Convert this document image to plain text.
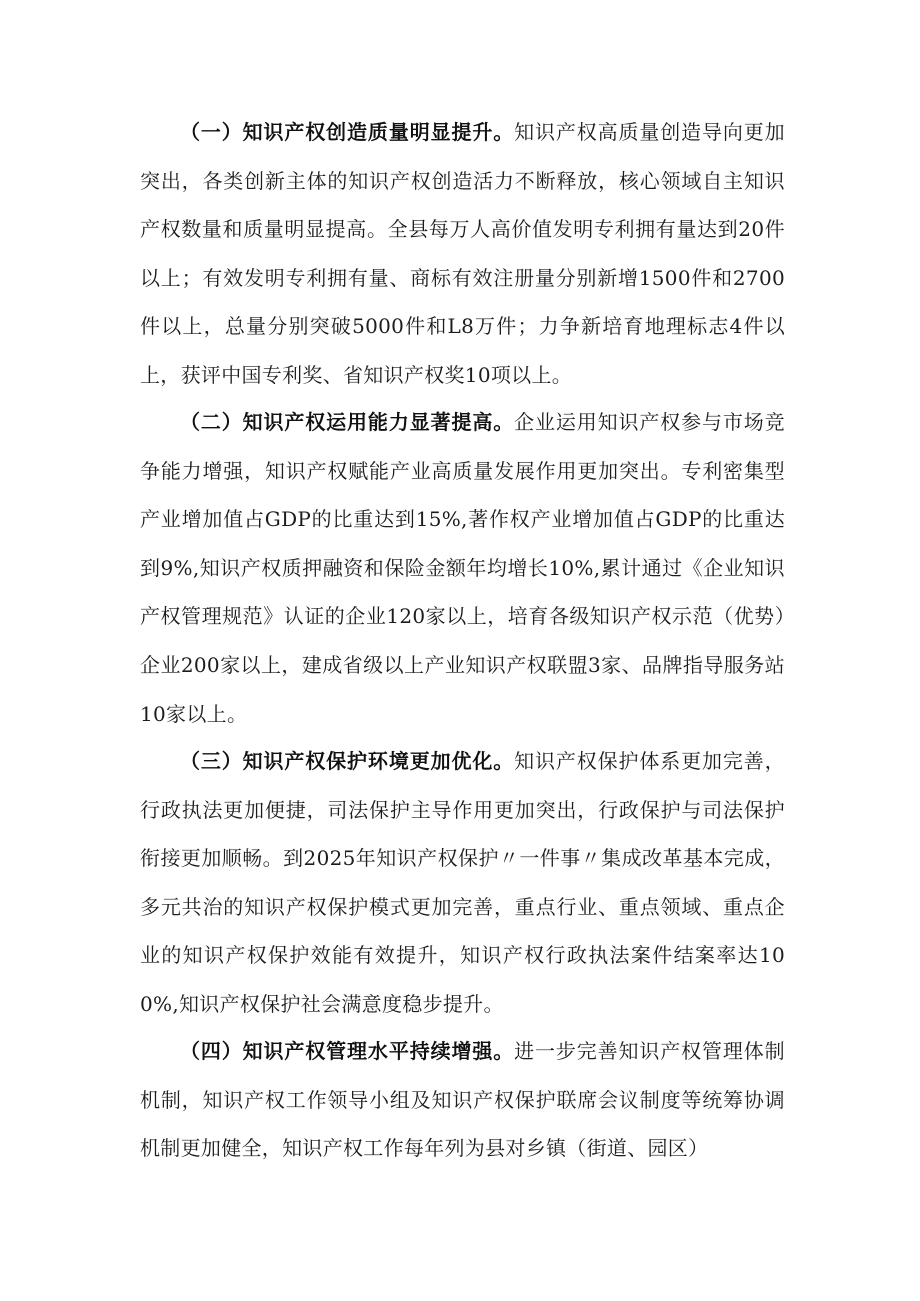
（一）知识产权创造质量明显提升。知识产权高质量创造导向更加突出，各类创新主体的知识产权创造活力不断释放，核心领域自主知识产权数量和质量明显提高。全县每万人高价值发明专利拥有量达到20件以上；有效发明专利拥有量、商标有效注册量分别新增1500件和2700件以上，总量分别突破5000件和L8万件；力争新培育地理标志4件以上，获评中国专利奖、省知识产权奖10项以上。

（二）知识产权运用能力显著提高。企业运用知识产权参与市场竞争能力增强，知识产权赋能产业高质量发展作用更加突出。专利密集型产业增加值占GDP的比重达到15%,著作权产业增加值占GDP的比重达到9%,知识产权质押融资和保险金额年均增长10%,累计通过《企业知识产权管理规范》认证的企业120家以上，培育各级知识产权示范（优势）企业200家以上，建成省级以上产业知识产权联盟3家、品牌指导服务站10家以上。

（三）知识产权保护环境更加优化。知识产权保护体系更加完善，行政执法更加便捷，司法保护主导作用更加突出，行政保护与司法保护衔接更加顺畅。到2025年知识产权保护〃一件事〃集成改革基本完成，多元共治的知识产权保护模式更加完善，重点行业、重点领域、重点企业的知识产权保护效能有效提升，知识产权行政执法案件结案率达100%,知识产权保护社会满意度稳步提升。

（四）知识产权管理水平持续增强。进一步完善知识产权管理体制机制，知识产权工作领导小组及知识产权保护联席会议制度等统筹协调机制更加健全，知识产权工作每年列为县对乡镇（街道、园区）
